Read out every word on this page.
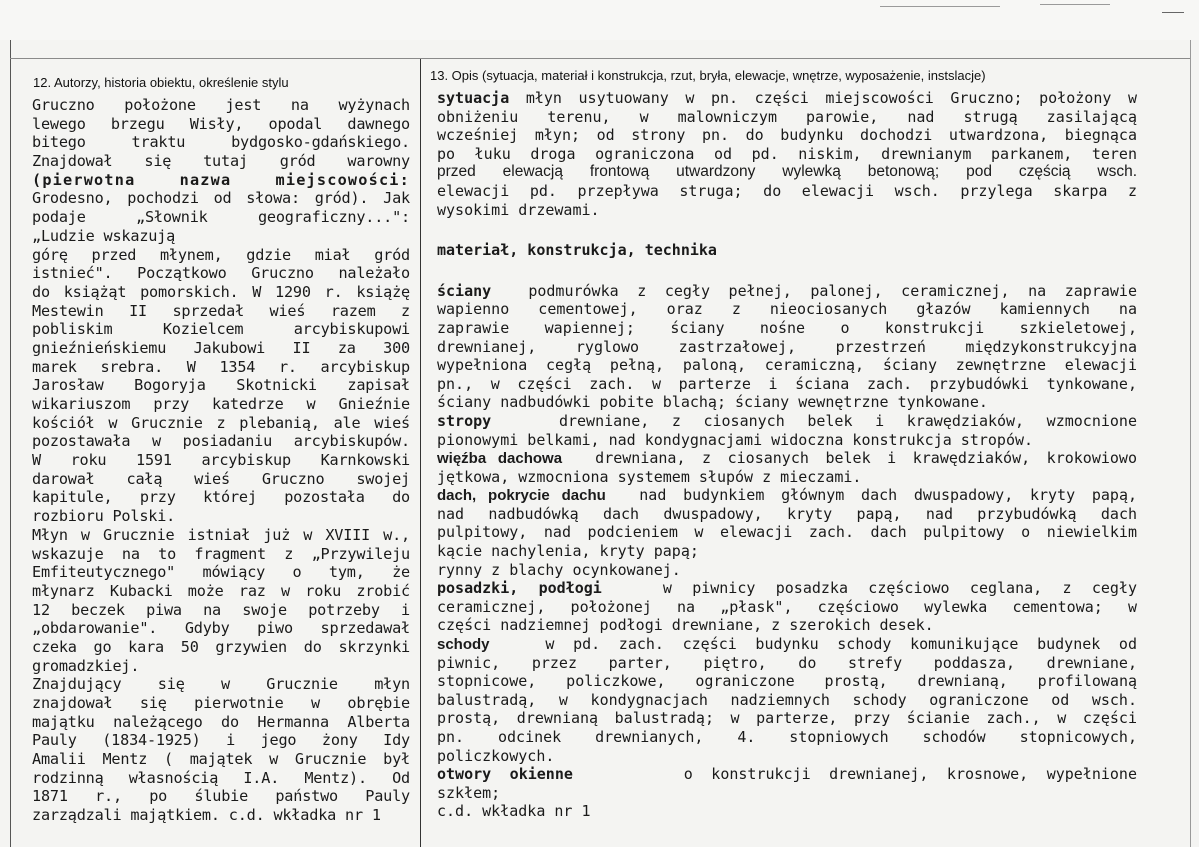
12. Autorzy, historia obiektu, określenie stylu	13. Opis (sytuacja, materiał i konstrukcja, rzut, bryła, elewacje, wnętrze, wyposażenie, instslacje)
Gruczno położone jest na wyżynach
lewego brzegu Wisły, opodal dawnego
bitego traktu bydgosko-gdańskiego.
Znajdował się tutaj gród warowny
(pierwotna nazwa miejscowości:
Grodesno, pochodzi od słowa: gród). Jak
podaje „Słownik geograficzny...":
„Ludzie wskazują
górę przed młynem, gdzie miał gród
istnieć". Początkowo Gruczno należało
do książąt pomorskich. W 1290 r. książę
Mestewin II sprzedał wieś razem z
pobliskim Kozielcem arcybiskupowi
gnieźnieńskiemu Jakubowi II za 300
marek srebra. W 1354 r. arcybiskup
Jarosław Bogoryja Skotnicki zapisał
wikariuszom przy katedrze w Gnieźnie
kościół w Grucznie z plebanią, ale wieś
pozostawała w posiadaniu arcybiskupów.
W roku 1591 arcybiskup Karnkowski
darował całą wieś Gruczno swojej
kapitule, przy której pozostała do
rozbioru Polski.
Młyn w Grucznie istniał już w XVIII w.,
wskazuje na to fragment z „Przywileju
Emfiteutycznego" mówiący o tym, że
młynarz Kubacki może raz w roku zrobić
12 beczek piwa na swoje potrzeby i
„obdarowanie". Gdyby piwo sprzedawał
czeka go kara 50 grzywien do skrzynki
gromadzkiej.
Znajdujący się w Grucznie młyn
znajdował się pierwotnie w obrębie
majątku należącego do Hermanna Alberta
Pauly (1834-1925) i jego żony Idy
Amalii Mentz ( majątek w Grucznie był
rodzinną własnością I.A. Mentz). Od
1871 r., po ślubie państwo Pauly
zarządzali majątkiem. c.d. wkładka nr 1
sytuacja młyn usytuowany w pn. części miejscowości Gruczno; położony w
obniżeniu terenu, w malowniczym parowie, nad strugą zasilającą
wcześniej młyn; od strony pn. do budynku dochodzi utwardzona, biegnąca
po łuku droga ograniczona od pd. niskim, drewnianym parkanem, teren
przed elewacją frontową utwardzony wylewką betonową; pod częścią wsch.
elewacji pd. przepływa struga; do elewacji wsch. przylega skarpa z
wysokimi drzewami.
materiał, konstrukcja, technika
ściany podmurówka z cegły pełnej, palonej, ceramicznej, na zaprawie
wapienno cementowej, oraz z nieociosanych głazów kamiennych na
zaprawie wapiennej; ściany nośne o konstrukcji szkieletowej,
drewnianej, ryglowo zastrzałowej, przestrzeń międzykonstrukcyjna
wypełniona cegłą pełną, paloną, ceramiczną, ściany zewnętrzne elewacji
pn., w części zach. w parterze i ściana zach. przybudówki tynkowane,
ściany nadbudówki pobite blachą; ściany wewnętrzne tynkowane.
stropy	drewniane, z ciosanych belek i krawędziaków, wzmocnione
pionowymi belkami, nad kondygnacjami widoczna konstrukcja stropów.
więźba dachowa drewniana, z ciosanych belek i krawędziaków, krokowiowo
jętkowa, wzmocniona systemem słupów z mieczami.
dach, pokrycie dachu nad budynkiem głównym dach dwuspadowy, kryty papą,
nad nadbudówką dach dwuspadowy, kryty papą, nad przybudówką dach
pulpitowy, nad podcieniem w elewacji zach. dach pulpitowy o niewielkim
kącie nachylenia, kryty papą;
rynny z blachy ocynkowanej.
posadzki, podłogi	w piwnicy posadzka częściowo ceglana, z cegły
ceramicznej, położonej na „płask", częściowo wylewka cementowa; w
części nadziemnej podłogi drewniane, z szerokich desek.
schody	w pd. zach. części budynku schody komunikujące budynek od
piwnic, przez parter, piętro, do strefy poddasza, drewniane,
stopnicowe, policzkowe, ograniczone prostą, drewnianą, profilowaną
balustradą, w kondygnacjach nadziemnych schody ograniczone od wsch.
prostą, drewnianą balustradą; w parterze, przy ścianie zach., w części
pn. odcinek drewnianych, 4. stopniowych schodów stopnicowych,
policzkowych.
otwory okienne	o konstrukcji drewnianej, krosnowe, wypełnione
szkłem;
c.d. wkładka nr 1
